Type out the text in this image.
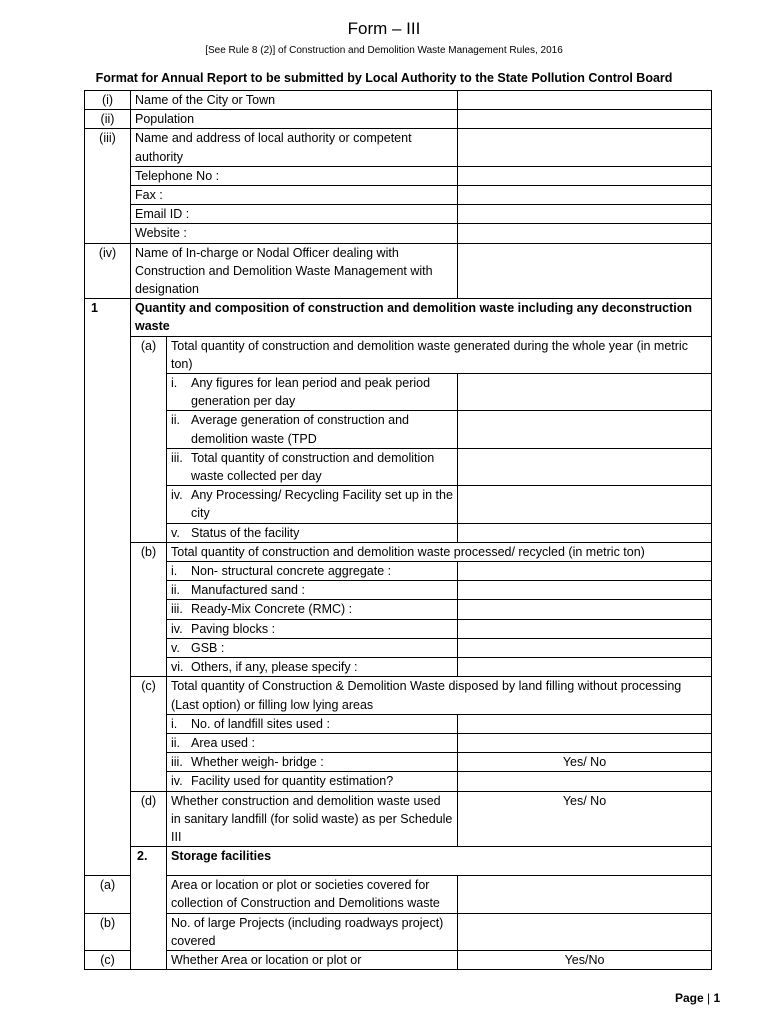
Form – III
[See Rule 8 (2)] of Construction and Demolition Waste Management Rules, 2016
Format for Annual Report to be submitted by Local Authority to the State Pollution Control Board
(i)	Name of the City or Town		
(ii)	Population		
(iii)	Name and address of local authority or competent authority		
	Telephone No :		
	Fax :		
	Email ID :		
	Website :		
(iv)	Name of In-charge or Nodal Officer dealing with Construction and Demolition Waste Management with designation		
1	Quantity and composition of construction and demolition waste including any deconstruction waste		
	(a)	Total quantity of construction and demolition waste generated during the whole year (in metric ton)	

		i. Any figures for lean period and peak period generation per day	

		ii. Average generation of construction and demolition waste (TPD	

		iii. Total quantity of construction and demolition waste collected per day	

		iv. Any Processing/ Recycling Facility set up in the city	

		v. Status of the facility	

	(b)	Total quantity of construction and demolition waste processed/ recycled (in metric ton)	

		i. Non- structural concrete aggregate :	

		ii. Manufactured sand :	

		iii. Ready-Mix Concrete (RMC) :	

		iv. Paving blocks :	

		v. GSB :	

		vi. Others, if any, please specify :	

	(c)	Total quantity of Construction & Demolition Waste disposed by land filling without processing (Last option) or filling low lying areas	

		i. No. of landfill sites used :	

		ii. Area used :	

		iii. Whether weigh- bridge :	Yes/ No

		iv. Facility used for quantity estimation?	

	(d)	Whether construction and demolition waste used in sanitary landfill (for solid waste) as per Schedule III	Yes/ No
	2.	Storage facilities	
(a)		Area or location or plot or societies covered for collection of Construction and Demolitions waste	
(b)		No. of large Projects (including roadways project) covered	
(c)		Whether Area or location or plot or	Yes/No
Page | 1
